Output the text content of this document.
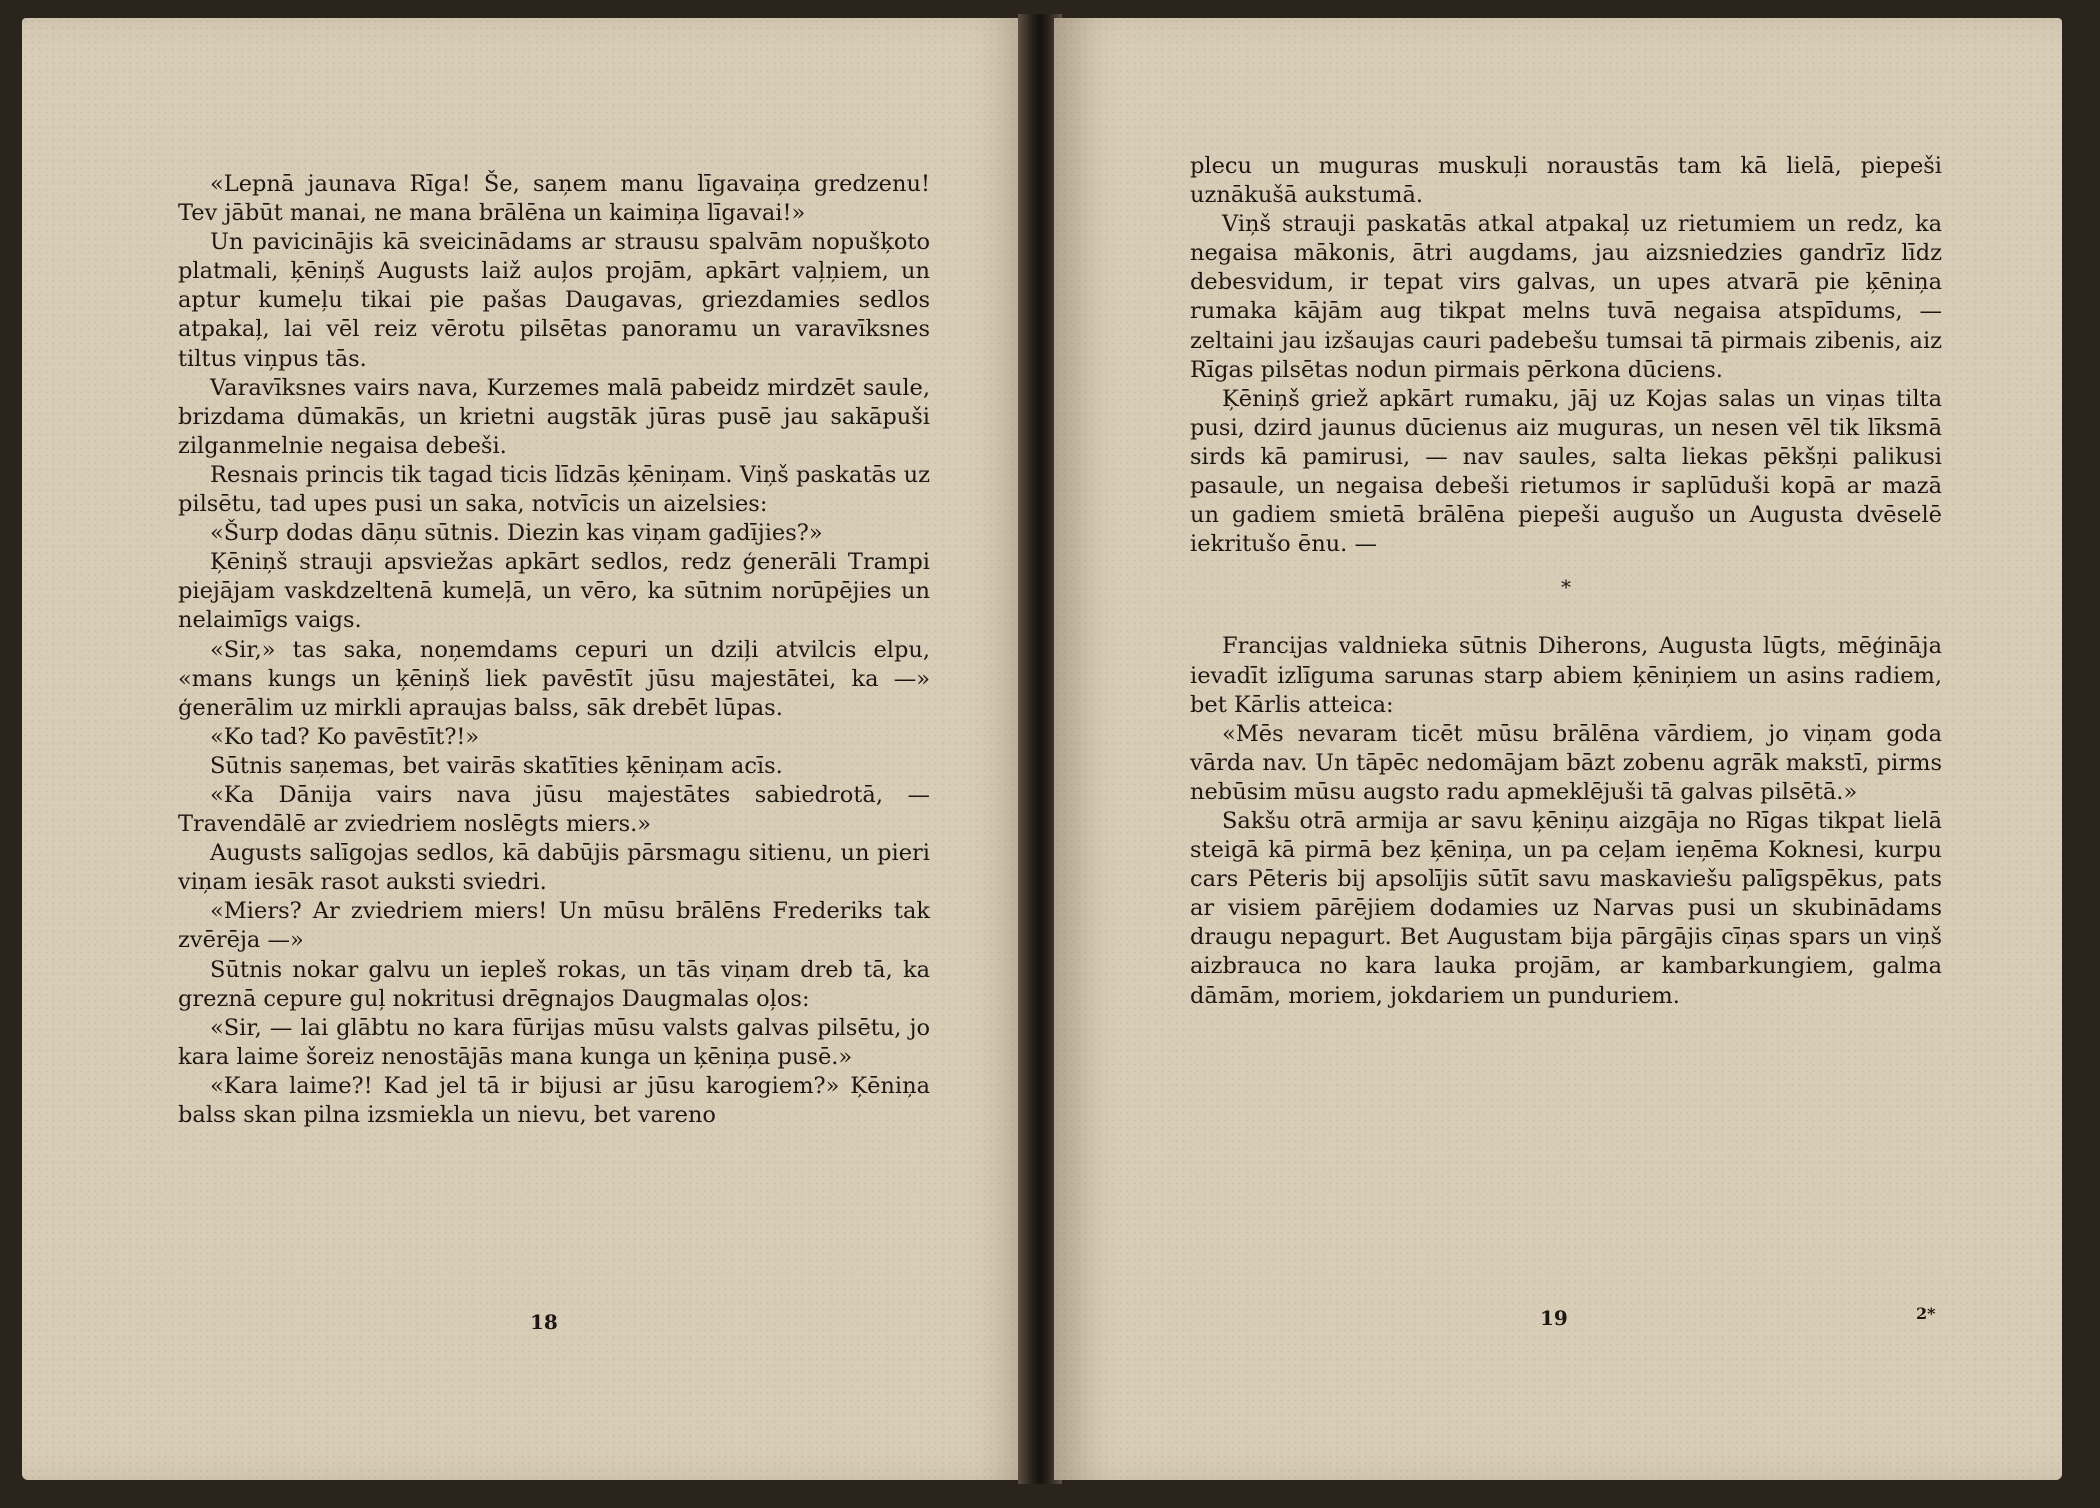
«Lepnā jaunava Rīga! Še, saņem manu līgavaiņa gredzenu! Tev jābūt manai, ne mana brālēna un kaimiņa līgavai!»

Un pavicinājis kā sveicinādams ar strausu spalvām nopušķoto platmali, ķēniņš Augusts laiž auļos projām, apkārt vaļņiem, un aptur kumeļu tikai pie pašas Daugavas, griezdamies sedlos atpakaļ, lai vēl reiz vērotu pilsētas panoramu un varavīksnes tiltus viņpus tās.

Varavīksnes vairs nava, Kurzemes malā pabeidz mirdzēt saule, brizdama dūmakās, un krietni augstāk jūras pusē jau sakāpuši zilganmelnie negaisa debeši.

Resnais princis tik tagad ticis līdzās ķēniņam. Viņš paskatās uz pilsētu, tad upes pusi un saka, notvīcis un aizelsies:

«Šurp dodas dāņu sūtnis. Diezin kas viņam gadījies?»

Ķēniņš strauji apsviežas apkārt sedlos, redz ģenerāli Trampi piejājam vaskdzeltenā kumeļā, un vēro, ka sūtnim norūpējies un nelaimīgs vaigs.

«Sir,» tas saka, noņemdams cepuri un dziļi atvilcis elpu, «mans kungs un ķēniņš liek pavēstīt jūsu majestātei, ka —» ģenerālim uz mirkli apraujas balss, sāk drebēt lūpas.

«Ko tad? Ko pavēstīt?!»

Sūtnis saņemas, bet vairās skatīties ķēniņam acīs.

«Ka Dānija vairs nava jūsu majestātes sabiedrotā, — Travendālē ar zviedriem noslēgts miers.»

Augusts salīgojas sedlos, kā dabūjis pārsmagu sitienu, un pieri viņam iesāk rasot auksti sviedri.

«Miers? Ar zviedriem miers! Un mūsu brālēns Frederiks tak zvērēja —»

Sūtnis nokar galvu un iepleš rokas, un tās viņam dreb tā, ka greznā cepure guļ nokritusi drēgnajos Daugmalas oļos:

«Sir, — lai glābtu no kara fūrijas mūsu valsts galvas pilsētu, jo kara laime šoreiz nenostājās mana kunga un ķēniņa pusē.»

«Kara laime?! Kad jel tā ir bijusi ar jūsu karogiem?» Ķēniņa balss skan pilna izsmiekla un nievu, bet vareno

18

plecu un muguras muskuļi noraustās tam kā lielā, piepeši uznākušā aukstumā.

Viņš strauji paskatās atkal atpakaļ uz rietumiem un redz, ka negaisa mākonis, ātri augdams, jau aizsniedzies gandrīz līdz debesvidum, ir tepat virs galvas, un upes atvarā pie ķēniņa rumaka kājām aug tikpat melns tuvā negaisa atspīdums, — zeltaini jau izšaujas cauri padebešu tumsai tā pirmais zibenis, aiz Rīgas pilsētas nodun pirmais pērkona dūciens.

Ķēniņš griež apkārt rumaku, jāj uz Kojas salas un viņas tilta pusi, dzird jaunus dūcienus aiz muguras, un nesen vēl tik līksmā sirds kā pamirusi, — nav saules, salta liekas pēkšņi palikusi pasaule, un negaisa debeši rietumos ir saplūduši kopā ar mazā un gadiem smietā brālēna piepeši augušo un Augusta dvēselē iekritušo ēnu. —

*

Francijas valdnieka sūtnis Diherons, Augusta lūgts, mēģināja ievadīt izlīguma sarunas starp abiem ķēniņiem un asins radiem, bet Kārlis atteica:

«Mēs nevaram ticēt mūsu brālēna vārdiem, jo viņam goda vārda nav. Un tāpēc nedomājam bāzt zobenu agrāk makstī, pirms nebūsim mūsu augsto radu apmeklējuši tā galvas pilsētā.»

Sakšu otrā armija ar savu ķēniņu aizgāja no Rīgas tikpat lielā steigā kā pirmā bez ķēniņa, un pa ceļam ieņēma Koknesi, kurpu cars Pēteris bij apsolījis sūtīt savu maskaviešu palīgspēkus, pats ar visiem pārējiem dodamies uz Narvas pusi un skubinādams draugu nepagurt. Bet Augustam bija pārgājis cīņas spars un viņš aizbrauca no kara lauka projām, ar kambarkungiem, galma dāmām, moriem, jokdariem un punduriem.

19	2*
